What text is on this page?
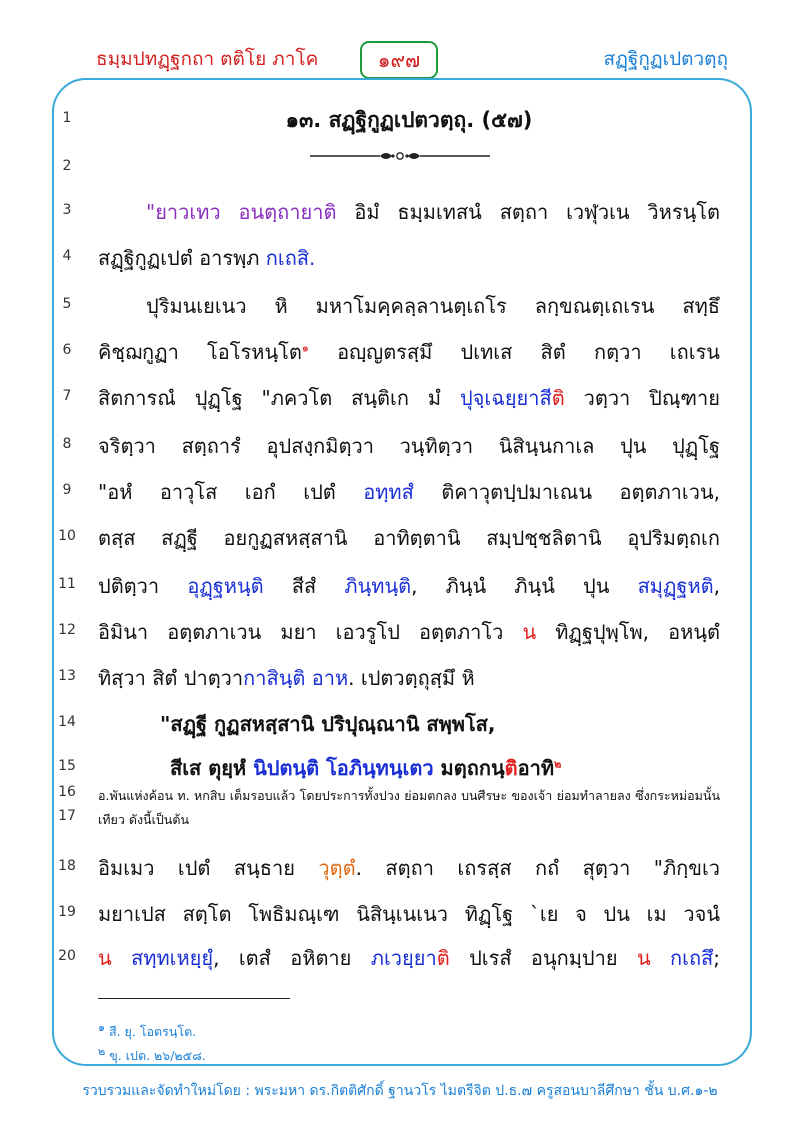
ธมฺมปทฏฺฐกถา ตติโย ภาโค	๑๙๗	สฏฺฐิกูฏเปตวตฺถุ
1	๑๓. สฏฺฐิกูฏเปตวตฺถุ. (๕๗)
2
3	"ยาวเทว อนตฺถายาติ อิมํ ธมฺมเทสนํ สตฺถา เวฬุวเน วิหรนฺโต
4	สฏฺฐิกูฏเปตํ อารพฺภ กเถสิ.
5	ปุริมนเยเนว หิ มหาโมคฺคลฺลานตฺเถโร ลกฺขณตฺเถเรน สทฺธึ
6	คิชฺฌกูฏา โอโรหนฺโต$^๑$ อญฺญตรสฺมึ ปเทเส สิตํ กตฺวา เถเรน
7	สิตการณํ ปุฏฺโฐ "ภควโต สนฺติเก มํ ปุจฺเฉยฺยาสีติ วตฺวา ปิณฺฑาย
8	จริตฺวา สตฺถารํ อุปสงฺกมิตฺวา วนฺทิตฺวา นิสินฺนกาเล ปุน ปุฏฺโฐ
9	"อหํ อาวุโส เอกํ เปตํ อทฺทสํ ติคาวุตปฺปมาเณน อตฺตภาเวน,
10	ตสฺส สฏฺฐี อยกูฏสหสฺสานิ อาทิตฺตานิ สมฺปชฺชลิตานิ อุปริมตฺถเก
11	ปติตฺวา อุฏฺฐหนฺติ สีสํ ภินฺทนฺติ, ภินฺนํ ภินฺนํ ปุน สมุฏฺฐหติ,
12	อิมินา อตฺตภาเวน มยา เอวรูโป อตฺตภาโว น ทิฏฺฐปุพฺโพ, อหนฺตํ
13	ทิสฺวา สิตํ ปาตฺวากาสินฺติ อาห. เปตวตฺถุสฺมึ หิ
14	"สฏฺฐี กูฏสหสฺสานิ ปริปุณฺณานิ สพฺพโส,
15	สีเส ตุยฺหํ นิปตนฺติ โอภินฺทนฺเตว มตฺถกนฺติอาทิ$^๒$
16	อ.พันแห่งค้อน ท. หกสิบ เต็มรอบแล้ว โดยประการทั้งปวง ย่อมตกลง บนศีรษะ ของเจ้า ย่อมทำลายลง ซึ่งกระหม่อมนั้น
17	เทียว ดังนี้เป็นต้น
18	อิมเมว เปตํ สนฺธาย วุตฺตํ. สตฺถา เถรสฺส กถํ สุตฺวา "ภิกฺขเว
19	มยาเปส สตฺโต โพธิมณฺเฑ นิสินฺเนเนว ทิฏฺโฐ `เย จ ปน เม วจนํ
20	น สทฺทเหยฺยุํ, เตสํ อหิตาย ภเวยฺยาติ ปเรสํ อนุกมฺปาย น กเถสึ;
$^๑$ สี. ยุ. โอตรนฺโต.
$^๒$ ขุ. เปต. ๒๖/๒๕๘.
รวบรวมและจัดทำใหม่โดย : พระมหา ดร.กิตติศักดิ์ ฐานวโร ไมตรีจิต ป.ธ.๗ ครูสอนบาลีศึกษา ชั้น บ.ศ.๑-๒
